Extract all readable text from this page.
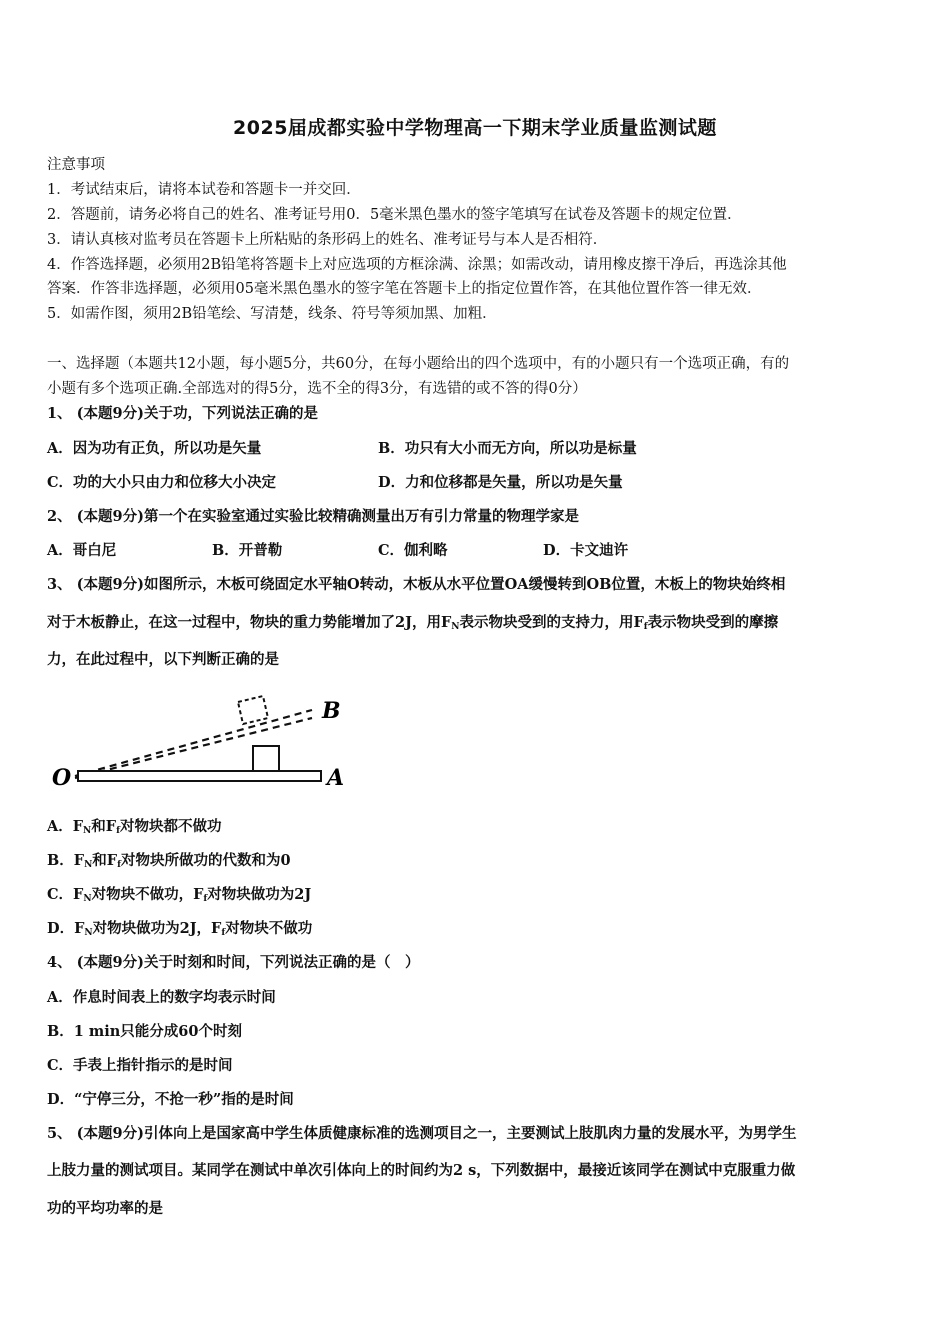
2025届成都实验中学物理高一下期末学业质量监测试题
注意事项
1．考试结束后，请将本试卷和答题卡一并交回．
2．答题前，请务必将自己的姓名、准考证号用0．5毫米黑色墨水的签字笔填写在试卷及答题卡的规定位置．
3．请认真核对监考员在答题卡上所粘贴的条形码上的姓名、准考证号与本人是否相符．
4．作答选择题，必须用2B铅笔将答题卡上对应选项的方框涂满、涂黑；如需改动，请用橡皮擦干净后，再选涂其他
答案．作答非选择题，必须用05毫米黑色墨水的签字笔在答题卡上的指定位置作答，在其他位置作答一律无效．
5．如需作图，须用2B铅笔绘、写清楚，线条、符号等须加黑、加粗．
一、选择题（本题共12小题，每小题5分，共60分，在每小题给出的四个选项中，有的小题只有一个选项正确，有的
小题有多个选项正确.全部选对的得5分，选不全的得3分，有选错的或不答的得0分）
1、 (本题9分)关于功，下列说法正确的是
A．因为功有正负，所以功是矢量	B．功只有大小而无方向，所以功是标量
C．功的大小只由力和位移大小决定	D．力和位移都是矢量，所以功是矢量
2、 (本题9分)第一个在实验室通过实验比较精确测量出万有引力常量的物理学家是
A．哥白尼	B．开普勒	C．伽利略	D．卡文迪许
3、 (本题9分)如图所示，木板可绕固定水平轴O转动，木板从水平位置OA缓慢转到OB位置，木板上的物块始终相
对于木板静止，在这一过程中，物块的重力势能增加了2J，用$F_N$表示物块受到的支持力，用$F_f$表示物块受到的摩擦
力，在此过程中，以下判断正确的是
O	A
B
A．$F_N$和$F_f$对物块都不做功
B．$F_N$和$F_f$对物块所做功的代数和为0
C．$F_N$对物块不做功，$F_f$对物块做功为2J
D．$F_N$对物块做功为2J，$F_f$对物块不做功
4、 (本题9分)关于时刻和时间，下列说法正确的是（　）
A．作息时间表上的数字均表示时间
B．1 min只能分成60个时刻
C．手表上指针指示的是时间
D．“宁停三分，不抢一秒”指的是时间
5、 (本题9分)引体向上是国家高中学生体质健康标准的选测项目之一，主要测试上肢肌肉力量的发展水平，为男学生
上肢力量的测试项目。某同学在测试中单次引体向上的时间约为2 s，下列数据中，最接近该同学在测试中克服重力做
功的平均功率的是
